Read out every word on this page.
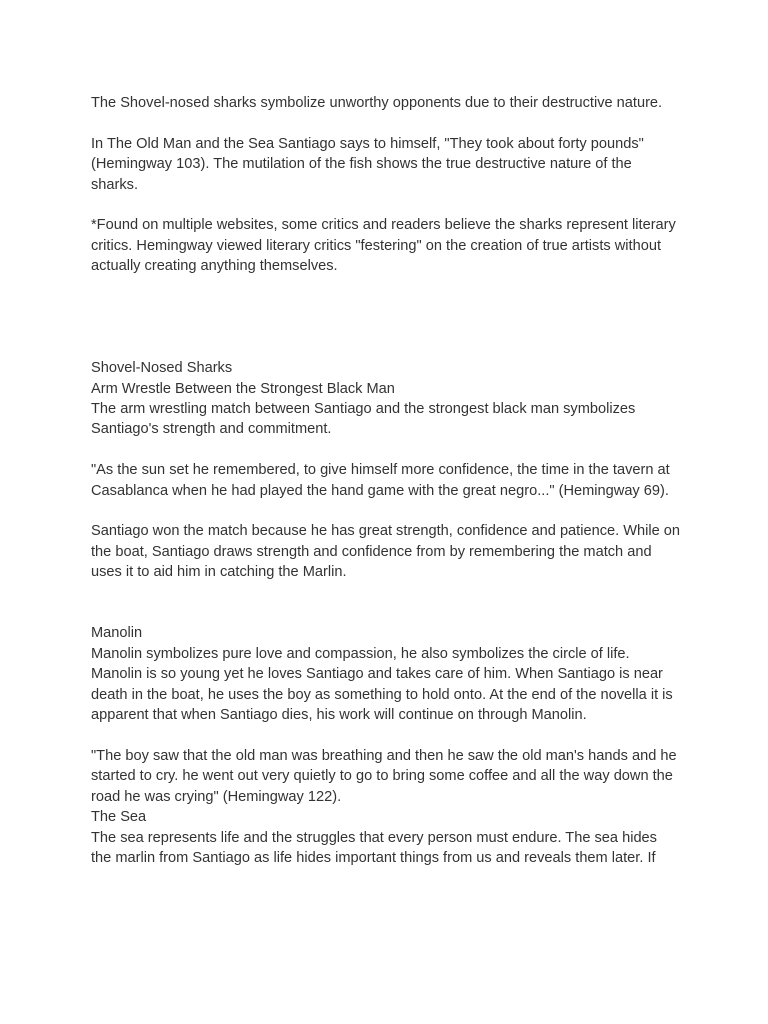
The Shovel-nosed sharks symbolize unworthy opponents due to their destructive nature.

In The Old Man and the Sea Santiago says to himself, "They took about forty pounds" (Hemingway 103). The mutilation of the fish shows the true destructive nature of the sharks.

*Found on multiple websites, some critics and readers believe the sharks represent literary critics. Hemingway viewed literary critics "festering" on the creation of true artists without actually creating anything themselves.

Shovel-Nosed Sharks

Arm Wrestle Between the Strongest Black Man

The arm wrestling match between Santiago and the strongest black man symbolizes Santiago's strength and commitment.

"As the sun set he remembered, to give himself more confidence, the time in the tavern at Casablanca when he had played the hand game with the great negro..." (Hemingway 69).

Santiago won the match because he has great strength, confidence and patience. While on the boat, Santiago draws strength and confidence from by remembering the match and uses it to aid him in catching the Marlin.

Manolin

Manolin symbolizes pure love and compassion, he also symbolizes the circle of life. Manolin is so young yet he loves Santiago and takes care of him. When Santiago is near death in the boat, he uses the boy as something to hold onto. At the end of the novella it is apparent that when Santiago dies, his work will continue on through Manolin.

"The boy saw that the old man was breathing and then he saw the old man's hands and he started to cry. he went out very quietly to go to bring some coffee and all the way down the road he was crying" (Hemingway 122).

The Sea

The sea represents life and the struggles that every person must endure. The sea hides the marlin from Santiago as life hides important things from us and reveals them later. If
